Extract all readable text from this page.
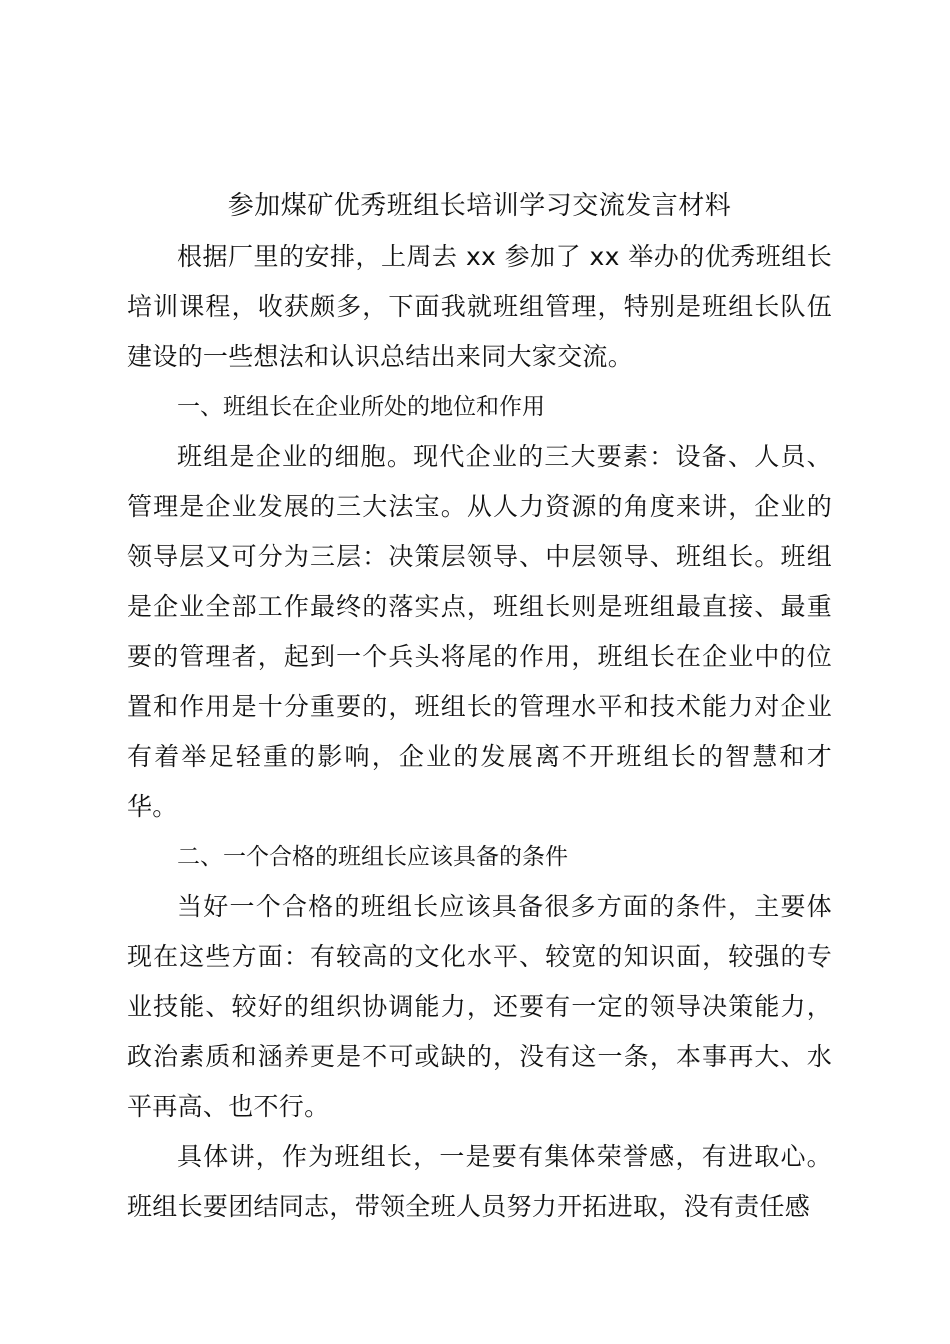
参加煤矿优秀班组长培训学习交流发言材料

根据厂里的安排，上周去 xx 参加了 xx 举办的优秀班组长培训课程，收获颇多，下面我就班组管理，特别是班组长队伍建设的一些想法和认识总结出来同大家交流。

一、班组长在企业所处的地位和作用

班组是企业的细胞。现代企业的三大要素：设备、人员、管理是企业发展的三大法宝。从人力资源的角度来讲，企业的领导层又可分为三层：决策层领导、中层领导、班组长。班组是企业全部工作最终的落实点，班组长则是班组最直接、最重要的管理者，起到一个兵头将尾的作用，班组长在企业中的位置和作用是十分重要的，班组长的管理水平和技术能力对企业有着举足轻重的影响，企业的发展离不开班组长的智慧和才华。

二、一个合格的班组长应该具备的条件

当好一个合格的班组长应该具备很多方面的条件，主要体现在这些方面：有较高的文化水平、较宽的知识面，较强的专业技能、较好的组织协调能力，还要有一定的领导决策能力，政治素质和涵养更是不可或缺的，没有这一条，本事再大、水平再高、也不行。

具体讲，作为班组长，一是要有集体荣誉感，有进取心。班组长要团结同志，带领全班人员努力开拓进取，没有责任感
